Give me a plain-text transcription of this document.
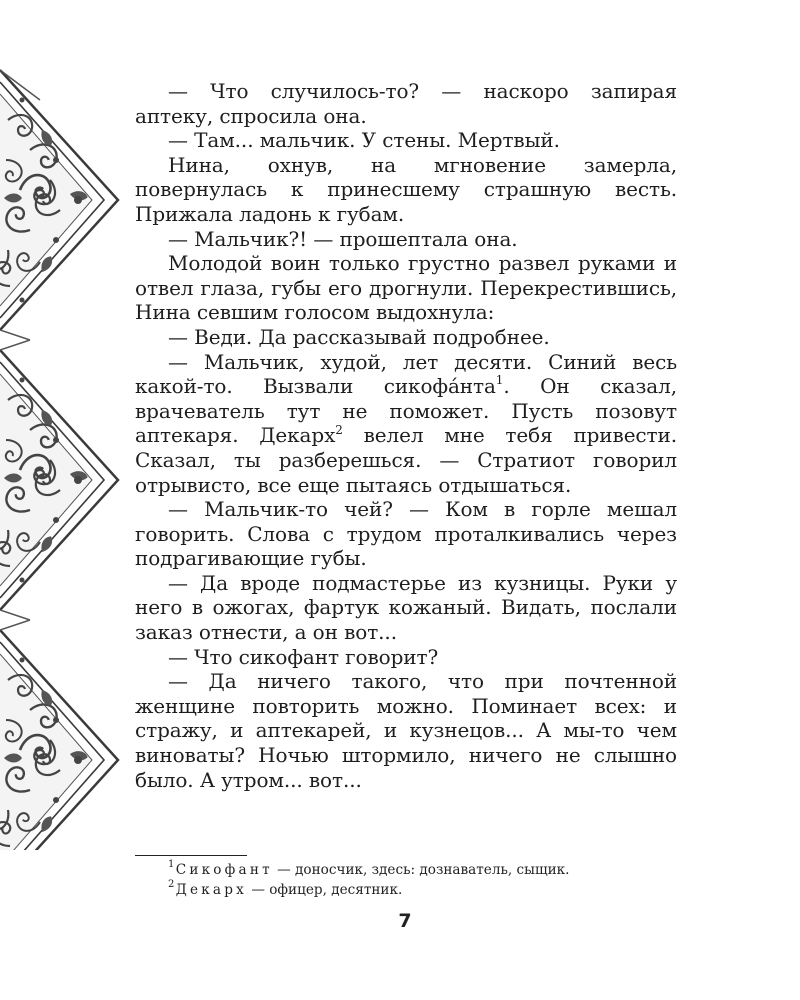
— Что случилось-то? — наскоро запирая аптеку, спросила она.

— Там... мальчик. У стены. Мертвый.

Нина, охнув, на мгновение замерла, повернулась к принесшему страшную весть. Прижала ладонь к губам.

— Мальчик?! — прошептала она.

Молодой воин только грустно развел руками и отвел глаза, губы его дрогнули. Перекрестившись, Нина севшим голосом выдохнула:

— Веди. Да рассказывай подробнее.

— Мальчик, худой, лет десяти. Синий весь какой-то. Вызвали сикофа́нта$^1$. Он сказал, врачеватель тут не поможет. Пусть позовут аптекаря. Декарх$^2$ велел мне тебя привести. Сказал, ты разберешься. — Стратиот говорил отрывисто, все еще пытаясь отдышаться.

— Мальчик-то чей? — Ком в горле мешал говорить. Слова с трудом проталкивались через подрагивающие губы.

— Да вроде подмастерье из кузницы. Руки у него в ожогах, фартук кожаный. Видать, послали заказ отнести, а он вот...

— Что сикофант говорит?

— Да ничего такого, что при почтенной женщине повторить можно. Поминает всех: и стражу, и аптекарей, и кузнецов... А мы-то чем виноваты? Ночью штормило, ничего не слышно было. А утром... вот...

$^1$ Сикофант — доносчик, здесь: дознаватель, сыщик.
$^2$ Декарх — офицер, десятник.
7
